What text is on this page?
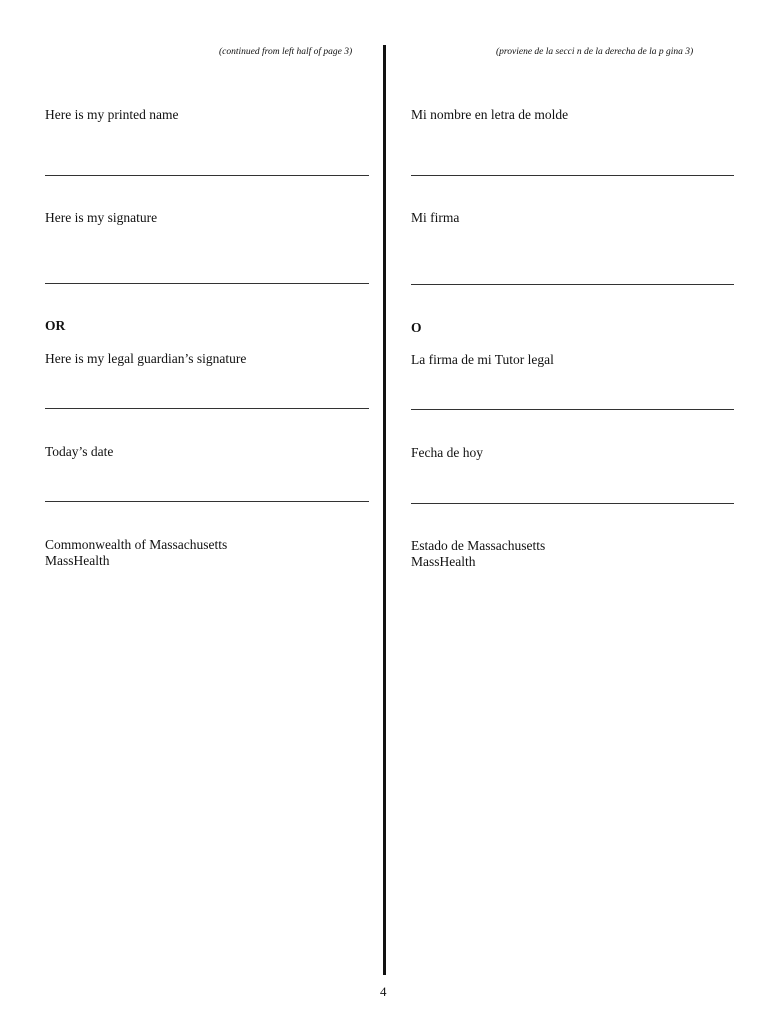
(continued from left half of page 3)
Here is my printed name
Here is my signature
OR
Here is my legal guardian’s signature
Today’s date
Commonwealth of Massachusetts
MassHealth
(proviene de la secci n de la derecha de la p gina 3)
Mi nombre en letra de molde
Mi firma
O
La firma de mi Tutor legal
Fecha de hoy
Estado de Massachusetts
MassHealth
4
